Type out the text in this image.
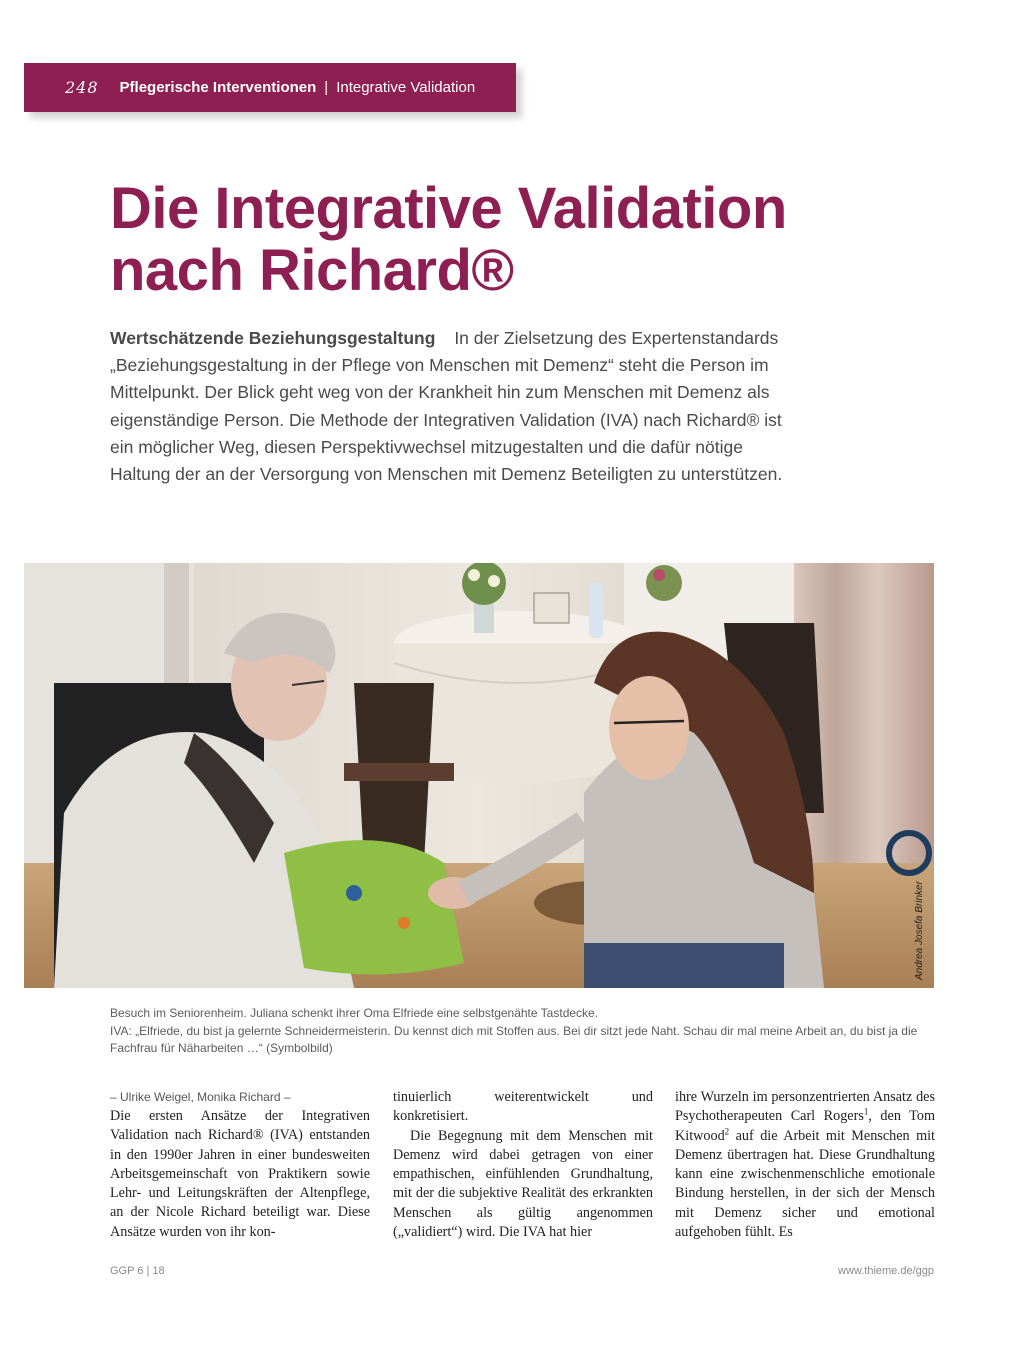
248 Pflegerische Interventionen | Integrative Validation
Die Integrative Validation
nach Richard®

Wertschätzende Beziehungsgestaltung In der Zielsetzung des Expertenstandards „Beziehungsgestaltung in der Pflege von Menschen mit Demenz“ steht die Person im Mittelpunkt. Der Blick geht weg von der Krankheit hin zum Menschen mit Demenz als eigenständige Person. Die Methode der Integrativen Validation (IVA) nach Richard® ist ein möglicher Weg, diesen Perspektivwechsel mitzugestalten und die dafür nötige Haltung der an der Versorgung von Menschen mit Demenz Beteiligten zu unterstützen.

Andrea Josefa Brinker
Besuch im Seniorenheim. Juliana schenkt ihrer Oma Elfriede eine selbstgenähte Tastdecke.
IVA: „Elfriede, du bist ja gelernte Schneidermeisterin. Du kennst dich mit Stoffen aus. Bei dir sitzt jede Naht. Schau dir mal meine Arbeit an, du bist ja die Fachfrau für Näharbeiten …“ (Symbolbild)
– Ulrike Weigel, Monika Richard –

Die ersten Ansätze der Integrativen Validation nach Richard® (IVA) entstanden in den 1990er Jahren in einer bundesweiten Arbeitsgemeinschaft von Praktikern sowie Lehr- und Leitungskräften der Altenpflege, an der Nicole Richard beteiligt war. Diese Ansätze wurden von ihr kon-

tinuierlich weiterentwickelt und konkretisiert.

Die Begegnung mit dem Menschen mit Demenz wird dabei getragen von einer empathischen, einfühlenden Grundhaltung, mit der die subjektive Realität des erkrankten Menschen als gültig angenommen („validiert“) wird. Die IVA hat hier

ihre Wurzeln im personzentrierten Ansatz des Psychotherapeuten Carl Rogers$^1$, den Tom Kitwood$^2$ auf die Arbeit mit Menschen mit Demenz übertragen hat. Diese Grundhaltung kann eine zwischenmenschliche emotionale Bindung herstellen, in der sich der Mensch mit Demenz sicher und emotional aufgehoben fühlt. Es

GGP 6 | 18	www.thieme.de/ggp
